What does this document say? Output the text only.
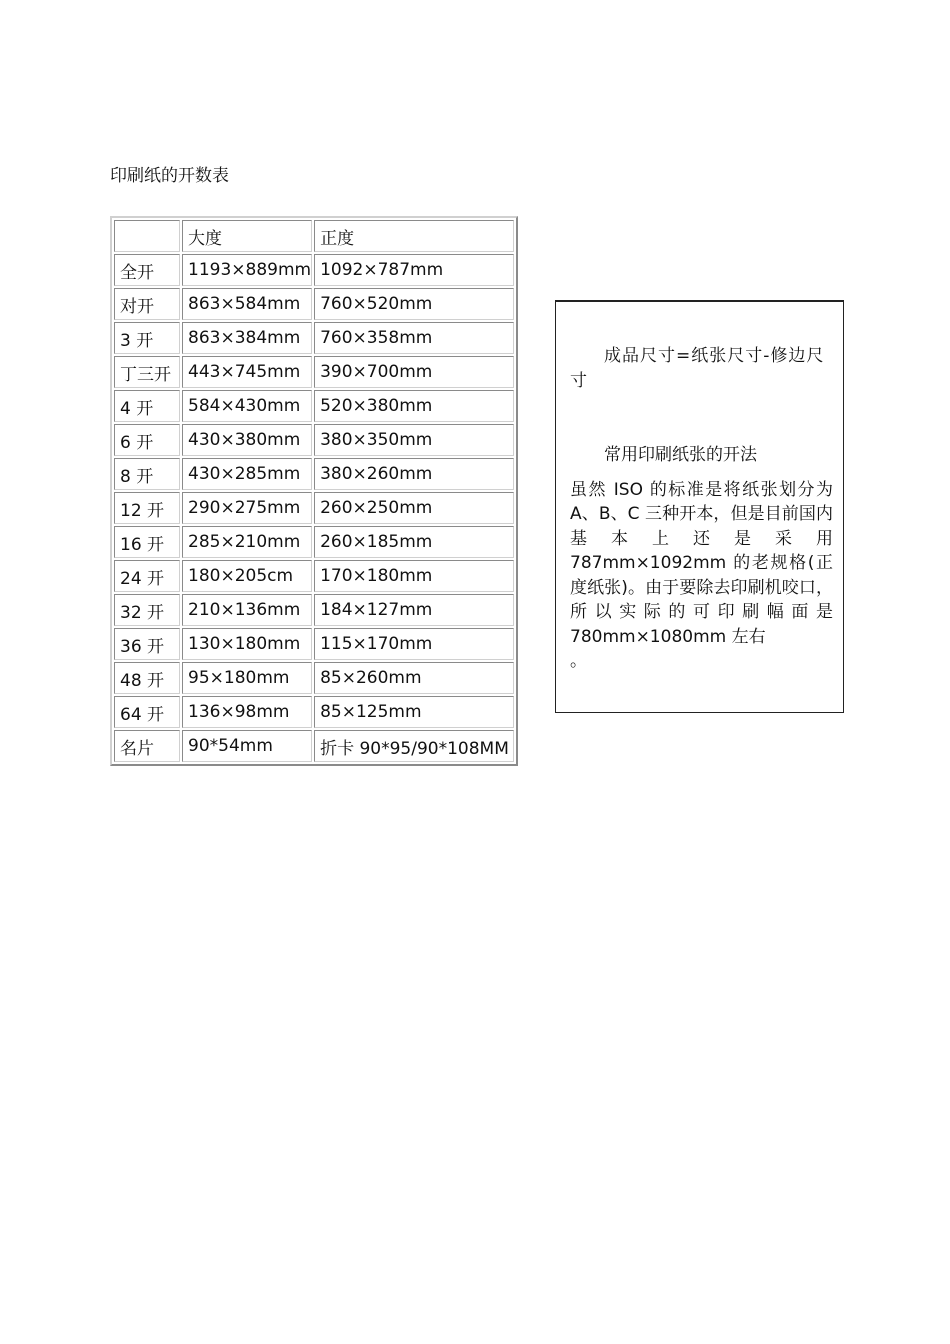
印刷纸的开数表
	大度	正度
全开	1193×889mm	1092×787mm
对开	863×584mm	760×520mm
3 开	863×384mm	760×358mm
丁三开	443×745mm	390×700mm
4 开	584×430mm	520×380mm
6 开	430×380mm	380×350mm
8 开	430×285mm	380×260mm
12 开	290×275mm	260×250mm
16 开	285×210mm	260×185mm
24 开	180×205cm	170×180mm
32 开	210×136mm	184×127mm
36 开	130×180mm	115×170mm
48 开	95×180mm	85×260mm
64 开	136×98mm	85×125mm
名片	90*54mm	折卡 90*95/90*108MM

成品尺寸=纸张尺寸-修边尺寸

常用印刷纸张的开法

虽然 ISO 的标准是将纸张划分为 A、B、C 三种开本，但是目前国内基本上还是采用 787mm×1092mm 的老规格(正度纸张)。由于要除去印刷机咬口，所以实际的可印刷幅面是 780mm×1080mm 左右
。
